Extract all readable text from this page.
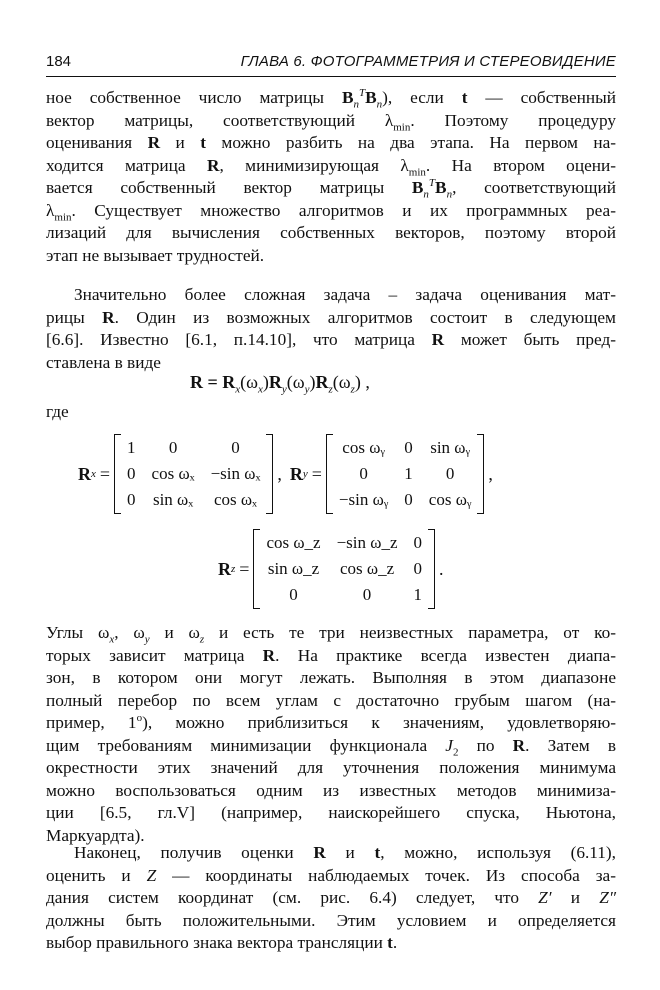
184	ГЛАВА 6. ФОТОГРАММЕТРИЯ И СТЕРЕОВИДЕНИЕ
ное собственное число матрицы $B_n^TB_n$), если t — собственный
вектор матрицы, соответствующий $\lambda_{min}$. Поэтому процедуру
оценивания R и t можно разбить на два этапа. На первом на-
ходится матрица R, минимизирующая $\lambda_{min}$. На втором оцени-
вается собственный вектор матрицы $B_n^TB_n$, соответствующий
$\lambda_{min}$. Существует множество алгоритмов и их программных реа-
лизаций для вычисления собственных векторов, поэтому второй
этап не вызывает трудностей.
Значительно более сложная задача – задача оценивания мат-
рицы R. Один из возможных алгоритмов состоит в следующем
[6.6]. Известно [6.1, п.14.10], что матрица R может быть пред-
ставлена в виде
$R = R_x(\omega_x)R_y(\omega_y)R_z(\omega_z)$ ,
где
R x =
1	0	0
0 cos ωₓ −sin ωₓ
0 sin ωₓ cos ωₓ
, R y =
cos ωᵧ 0 sin ωᵧ
0	1	0
−sin ωᵧ 0 cos ωᵧ
,
R z =
cos ω_z −sin ω_z 0
sin ω_z cos ω_z 0
0	0	1
.
Углы $\omega_x$, $\omega_y$ и $\omega_z$ и есть те три неизвестных параметра, от ко-
торых зависит матрица R. На практике всегда известен диапа-
зон, в котором они могут лежать. Выполняя в этом диапазоне
полный перебор по всем углам с достаточно грубым шагом (на-
пример, 1$^o$), можно приблизиться к значениям, удовлетворяю-
щим требованиям минимизации функционала $J_2$ по R. Затем в
окрестности этих значений для уточнения положения минимума
можно воспользоваться одним из известных методов минимиза-
ции [6.5, гл.V] (например, наискорейшего спуска, Ньютона,
Маркуардта).
Наконец, получив оценки R и t, можно, используя (6.11),
оценить и Z — координаты наблюдаемых точек. Из способа за-
дания систем координат (см. рис. 6.4) следует, что Z′ и Z″
должны быть положительными. Этим условием и определяется
выбор правильного знака вектора трансляции t.
